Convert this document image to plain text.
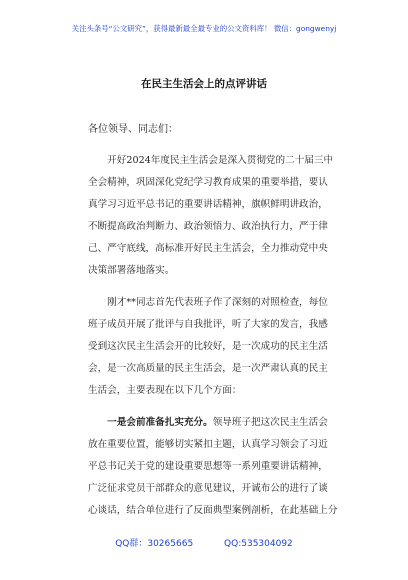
关注头条号“公文研究”，获得最新最全最专业的公文资料库！ 微信：gongwenyj
在民主生活会上的点评讲话
各位领导、同志们：
　　开好2024年度民主生活会是深入贯彻党的二十届三中
全会精神，巩固深化党纪学习教育成果的重要举措，要认
真学习习近平总书记的重要讲话精神，旗帜鲜明讲政治，
不断提高政治判断力、政治领悟力、政治执行力，严于律
己、严守底线，高标准开好民主生活会，全力推动党中央
决策部署落地落实。
　　刚才**同志首先代表班子作了深刻的对照检查，每位
班子成员开展了批评与自我批评，听了大家的发言，我感
受到这次民主生活会开的比较好，是一次成功的民主生活
会，是一次高质量的民主生活会，是一次严肃认真的民主
生活会，主要表现在以下几个方面：
　　一是会前准备扎实充分。领导班子把这次民主生活会
放在重要位置，能够切实紧扣主题，认真学习领会了习近
平总书记关于党的建设重要思想等一系列重要讲话精神，
广泛征求党员干部群众的意见建议，开诚布公的进行了谈
心谈话，结合单位进行了反面典型案例剖析，在此基础上分
QQ群：30265665	QQ:535304092
